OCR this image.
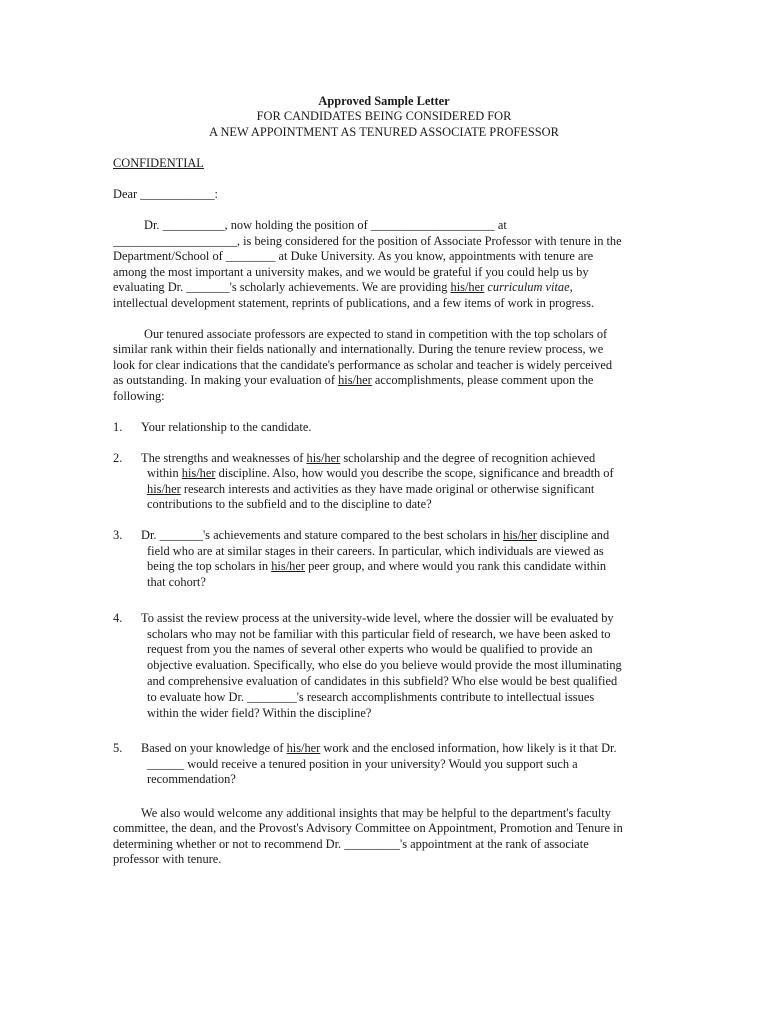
Approved Sample Letter
FOR CANDIDATES BEING CONSIDERED FOR
A NEW APPOINTMENT AS TENURED ASSOCIATE PROFESSOR
CONFIDENTIAL
Dear ____________:
Dr. __________, now holding the position of ____________________ at
____________________, is being considered for the position of Associate Professor with tenure in the
Department/School of ________ at Duke University. As you know, appointments with tenure are
among the most important a university makes, and we would be grateful if you could help us by
evaluating Dr. _______'s scholarly achievements. We are providing his/her curriculum vitae,
intellectual development statement, reprints of publications, and a few items of work in progress.
Our tenured associate professors are expected to stand in competition with the top scholars of
similar rank within their fields nationally and internationally. During the tenure review process, we
look for clear indications that the candidate's performance as scholar and teacher is widely perceived
as outstanding. In making your evaluation of his/her accomplishments, please comment upon the
following:
1. Your relationship to the candidate.
2. The strengths and weaknesses of his/her scholarship and the degree of recognition achieved
within his/her discipline. Also, how would you describe the scope, significance and breadth of
his/her research interests and activities as they have made original or otherwise significant
contributions to the subfield and to the discipline to date?
3. Dr. _______'s achievements and stature compared to the best scholars in his/her discipline and
field who are at similar stages in their careers. In particular, which individuals are viewed as
being the top scholars in his/her peer group, and where would you rank this candidate within
that cohort?
4. To assist the review process at the university-wide level, where the dossier will be evaluated by
scholars who may not be familiar with this particular field of research, we have been asked to
request from you the names of several other experts who would be qualified to provide an
objective evaluation. Specifically, who else do you believe would provide the most illuminating
and comprehensive evaluation of candidates in this subfield? Who else would be best qualified
to evaluate how Dr. ________'s research accomplishments contribute to intellectual issues
within the wider field? Within the discipline?
5. Based on your knowledge of his/her work and the enclosed information, how likely is it that Dr.
______ would receive a tenured position in your university? Would you support such a
recommendation?
We also would welcome any additional insights that may be helpful to the department's faculty
committee, the dean, and the Provost's Advisory Committee on Appointment, Promotion and Tenure in
determining whether or not to recommend Dr. _________'s appointment at the rank of associate
professor with tenure.
